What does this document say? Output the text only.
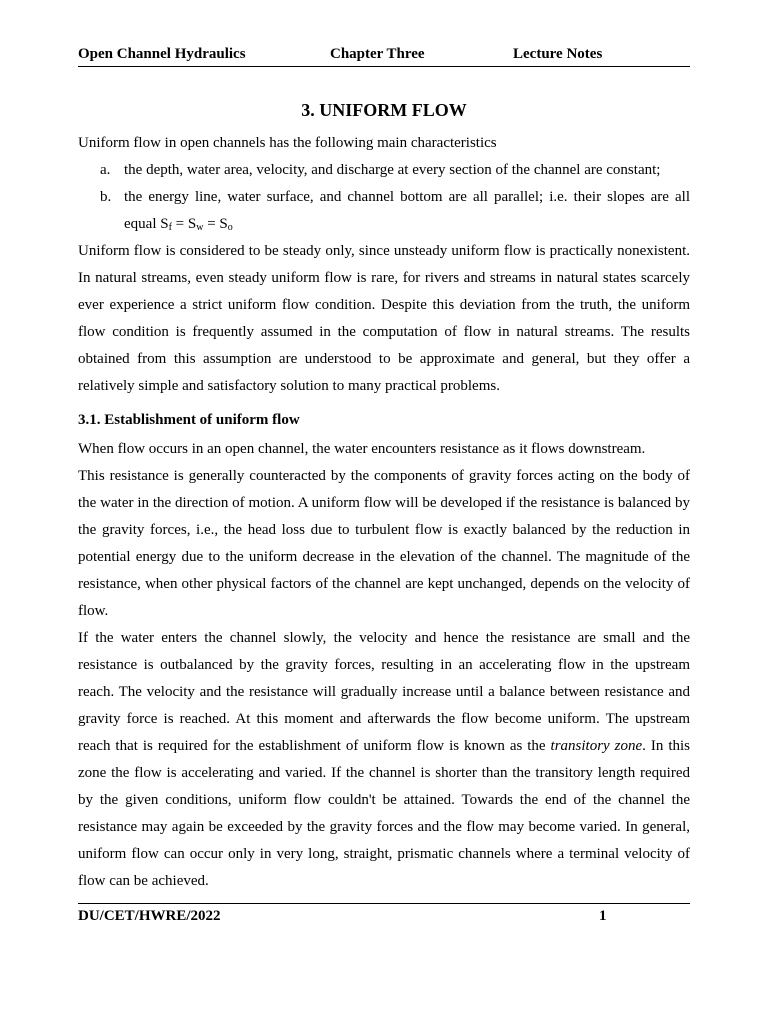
Open Channel Hydraulics	Chapter Three	Lecture Notes
3. UNIFORM FLOW

Uniform flow in open channels has the following main characteristics

a. the depth, water area, velocity, and discharge at every section of the channel are constant;
b. the energy line, water surface, and channel bottom are all parallel; i.e. their slopes are all equal $S_f = S_w = S_o$

Uniform flow is considered to be steady only, since unsteady uniform flow is practically nonexistent. In natural streams, even steady uniform flow is rare, for rivers and streams in natural states scarcely ever experience a strict uniform flow condition. Despite this deviation from the truth, the uniform flow condition is frequently assumed in the computation of flow in natural streams. The results obtained from this assumption are understood to be approximate and general, but they offer a relatively simple and satisfactory solution to many practical problems.

3.1. Establishment of uniform flow

When flow occurs in an open channel, the water encounters resistance as it flows downstream.

This resistance is generally counteracted by the components of gravity forces acting on the body of the water in the direction of motion. A uniform flow will be developed if the resistance is balanced by the gravity forces, i.e., the head loss due to turbulent flow is exactly balanced by the reduction in potential energy due to the uniform decrease in the elevation of the channel. The magnitude of the resistance, when other physical factors of the channel are kept unchanged, depends on the velocity of flow.

If the water enters the channel slowly, the velocity and hence the resistance are small and the resistance is outbalanced by the gravity forces, resulting in an accelerating flow in the upstream reach. The velocity and the resistance will gradually increase until a balance between resistance and gravity force is reached. At this moment and afterwards the flow become uniform. The upstream reach that is required for the establishment of uniform flow is known as the transitory zone. In this zone the flow is accelerating and varied. If the channel is shorter than the transitory length required by the given conditions, uniform flow couldn't be attained. Towards the end of the channel the resistance may again be exceeded by the gravity forces and the flow may become varied. In general, uniform flow can occur only in very long, straight, prismatic channels where a terminal velocity of flow can be achieved.

DU/CET/HWRE/2022	1
